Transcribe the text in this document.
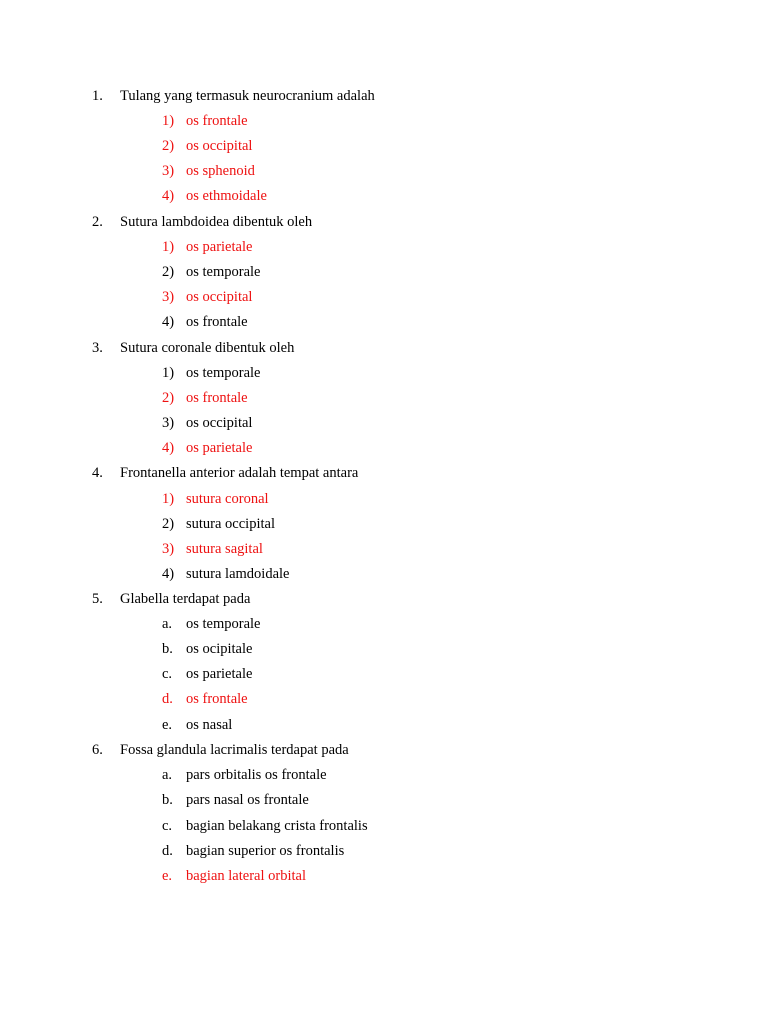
1. Tulang yang termasuk neurocranium adalah
1) os frontale
2) os occipital
3) os sphenoid
4) os ethmoidale
2. Sutura lambdoidea dibentuk oleh
1) os parietale
2) os temporale
3) os occipital
4) os frontale
3. Sutura coronale dibentuk oleh
1) os temporale
2) os frontale
3) os occipital
4) os parietale
4. Frontanella anterior adalah tempat antara
1) sutura coronal
2) sutura occipital
3) sutura sagital
4) sutura lamdoidale
5. Glabella terdapat pada
a. os temporale
b. os ocipitale
c. os parietale
d. os frontale
e. os nasal
6. Fossa glandula lacrimalis terdapat pada
a. pars orbitalis os frontale
b. pars nasal os frontale
c. bagian belakang crista frontalis
d. bagian superior os frontalis
e. bagian lateral orbital
